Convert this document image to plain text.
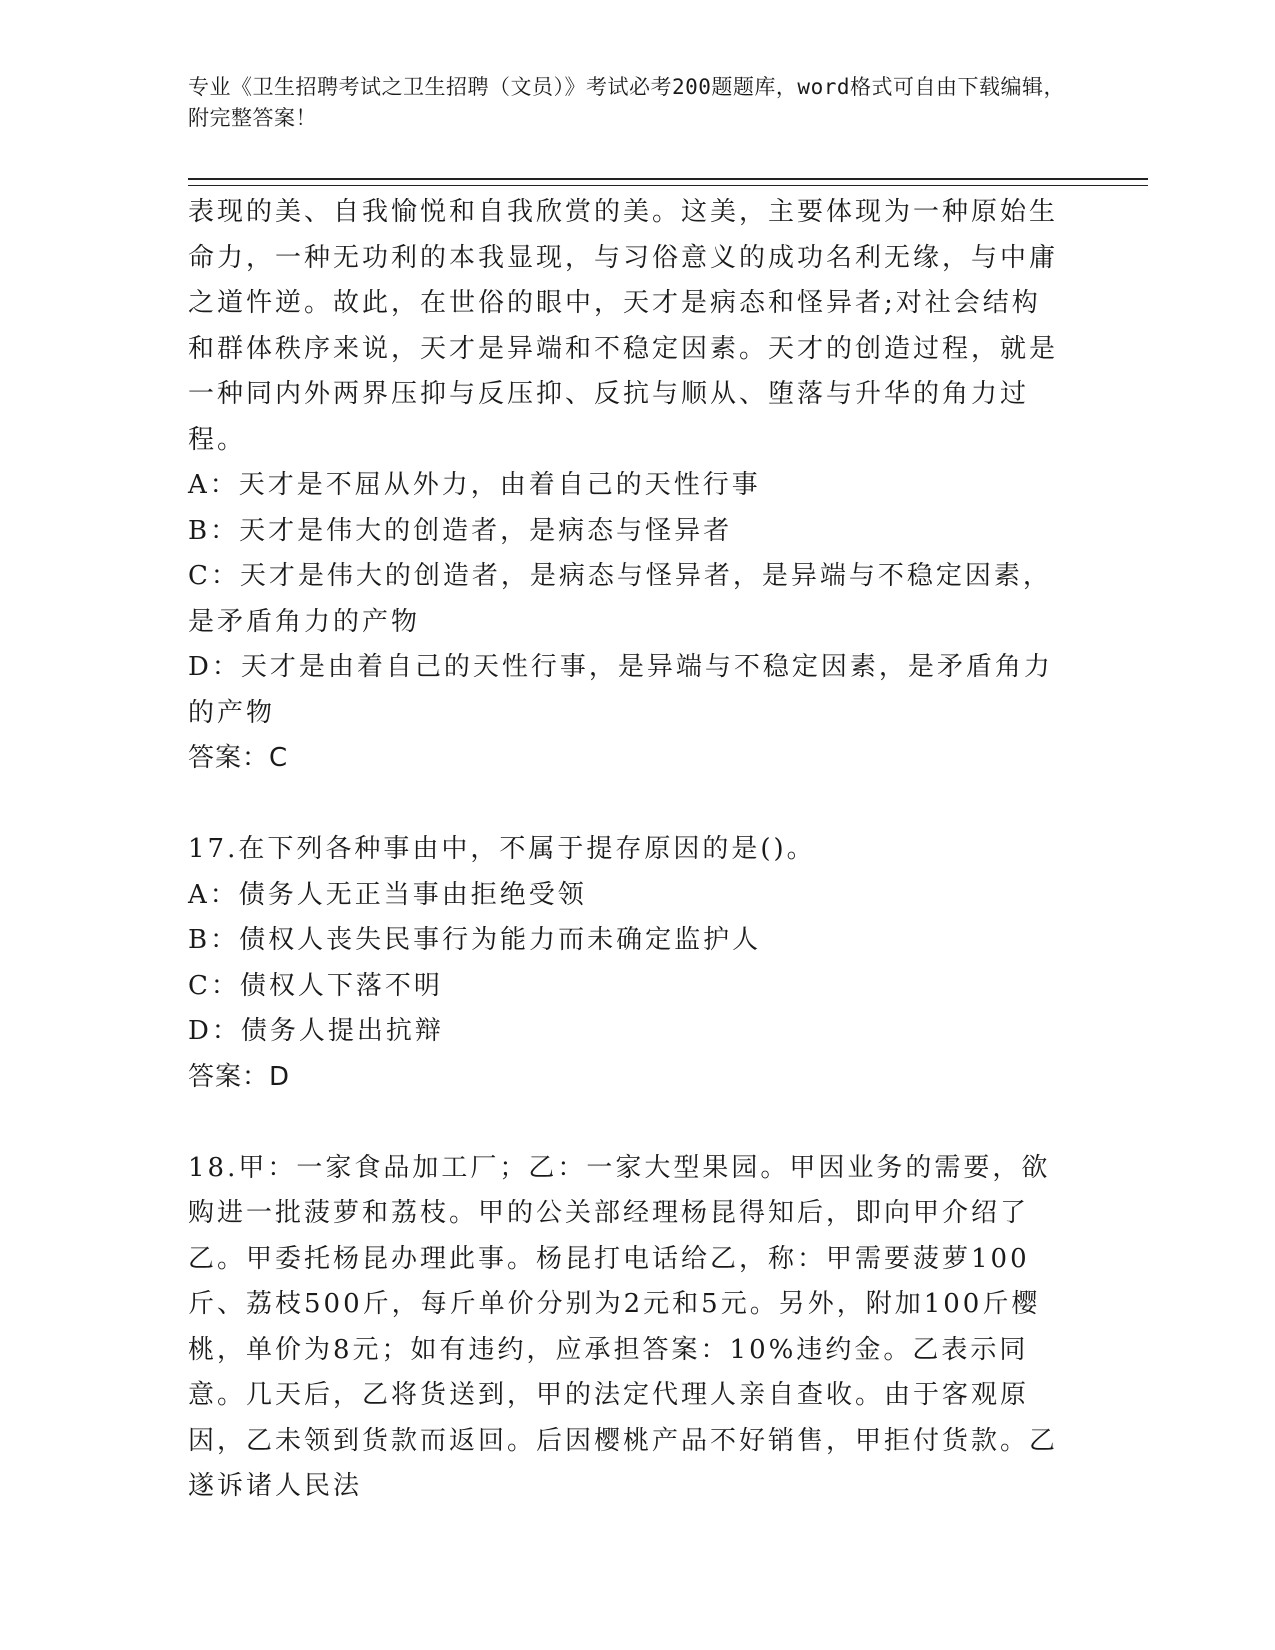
专业《卫生招聘考试之卫生招聘（文员）》考试必考200题题库，word格式可自由下载编辑，附完整答案！

表现的美、自我愉悦和自我欣赏的美。这美，主要体现为一种原始生命力，一种无功利的本我显现，与习俗意义的成功名利无缘，与中庸之道忤逆。故此，在世俗的眼中，天才是病态和怪异者;对社会结构和群体秩序来说，天才是异端和不稳定因素。天才的创造过程，就是一种同内外两界压抑与反压抑、反抗与顺从、堕落与升华的角力过程。

A：天才是不屈从外力，由着自己的天性行事

B：天才是伟大的创造者，是病态与怪异者

C：天才是伟大的创造者，是病态与怪异者，是异端与不稳定因素，是矛盾角力的产物

D：天才是由着自己的天性行事，是异端与不稳定因素，是矛盾角力的产物

答案：C

17.在下列各种事由中，不属于提存原因的是()。

A：债务人无正当事由拒绝受领

B：债权人丧失民事行为能力而未确定监护人

C：债权人下落不明

D：债务人提出抗辩

答案：D

18.甲：一家食品加工厂；乙：一家大型果园。甲因业务的需要，欲购进一批菠萝和荔枝。甲的公关部经理杨昆得知后，即向甲介绍了乙。甲委托杨昆办理此事。杨昆打电话给乙，称：甲需要菠萝100斤、荔枝500斤，每斤单价分别为2元和5元。另外，附加100斤樱桃，单价为8元；如有违约，应承担答案：10%违约金。乙表示同意。几天后，乙将货送到，甲的法定代理人亲自查收。由于客观原因，乙未领到货款而返回。后因樱桃产品不好销售，甲拒付货款。乙遂诉诸人民法
